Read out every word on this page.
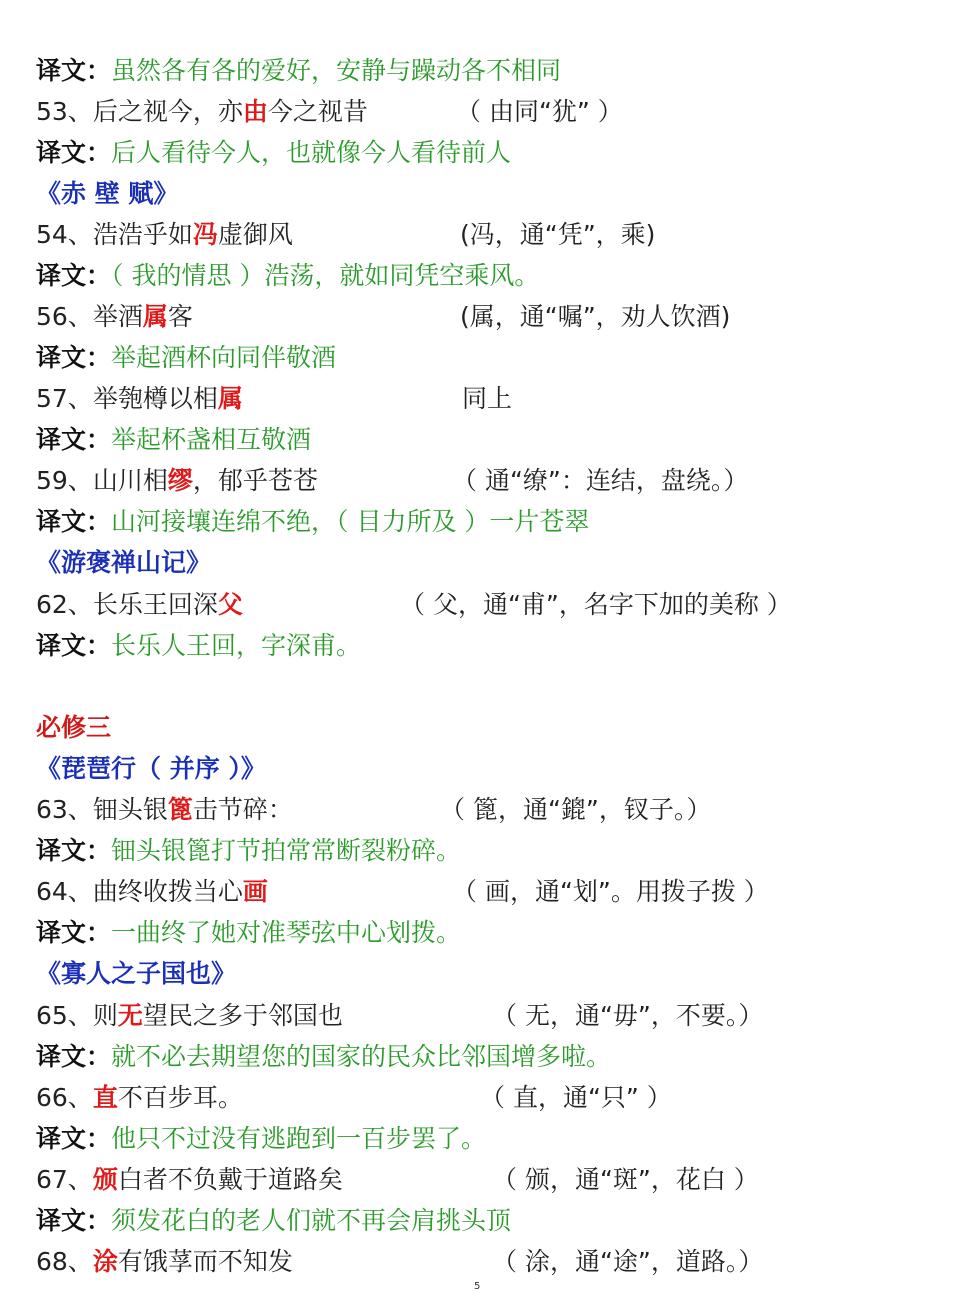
译文：虽然各有各的爱好，安静与躁动各不相同
53、后之视今，亦由今之视昔	（ 由同“犹” ）
译文：后人看待今人，也就像今人看待前人
《赤 壁 赋》
54、浩浩乎如冯虚御风	(冯，通“凭”，乘)
译文：（ 我的情思 ）浩荡，就如同凭空乘风。
56、举酒属客	(属，通“嘱”，劝人饮酒)
译文：举起酒杯向同伴敬酒
57、举匏樽以相属	同上
译文：举起杯盏相互敬酒
59、山川相缪，郁乎苍苍	（ 通“缭”：连结，盘绕。）
译文：山河接壤连绵不绝，（ 目力所及 ）一片苍翠
《游褒禅山记》
62、长乐王回深父	（ 父，通“甫”，名字下加的美称 ）
译文：长乐人王回，字深甫。
必修三
《琵琶行（ 并序 ）》
63、钿头银篦击节碎：	（ 篦，通“鎞”，钗子。）
译文：钿头银篦打节拍常常断裂粉碎。
64、曲终收拨当心画	（ 画，通“划”。用拨子拨 ）
译文：一曲终了她对准琴弦中心划拨。
《寡人之子国也》
65、则无望民之多于邻国也	（ 无，通“毋”，不要。）
译文：就不必去期望您的国家的民众比邻国增多啦。
66、直不百步耳。	（ 直，通“只” ）
译文：他只不过没有逃跑到一百步罢了。
67、颁白者不负戴于道路矣	（ 颁，通“斑”，花白 ）
译文：须发花白的老人们就不再会肩挑头顶
68、涂有饿莩而不知发	（ 涂，通“途”，道路。）
5
